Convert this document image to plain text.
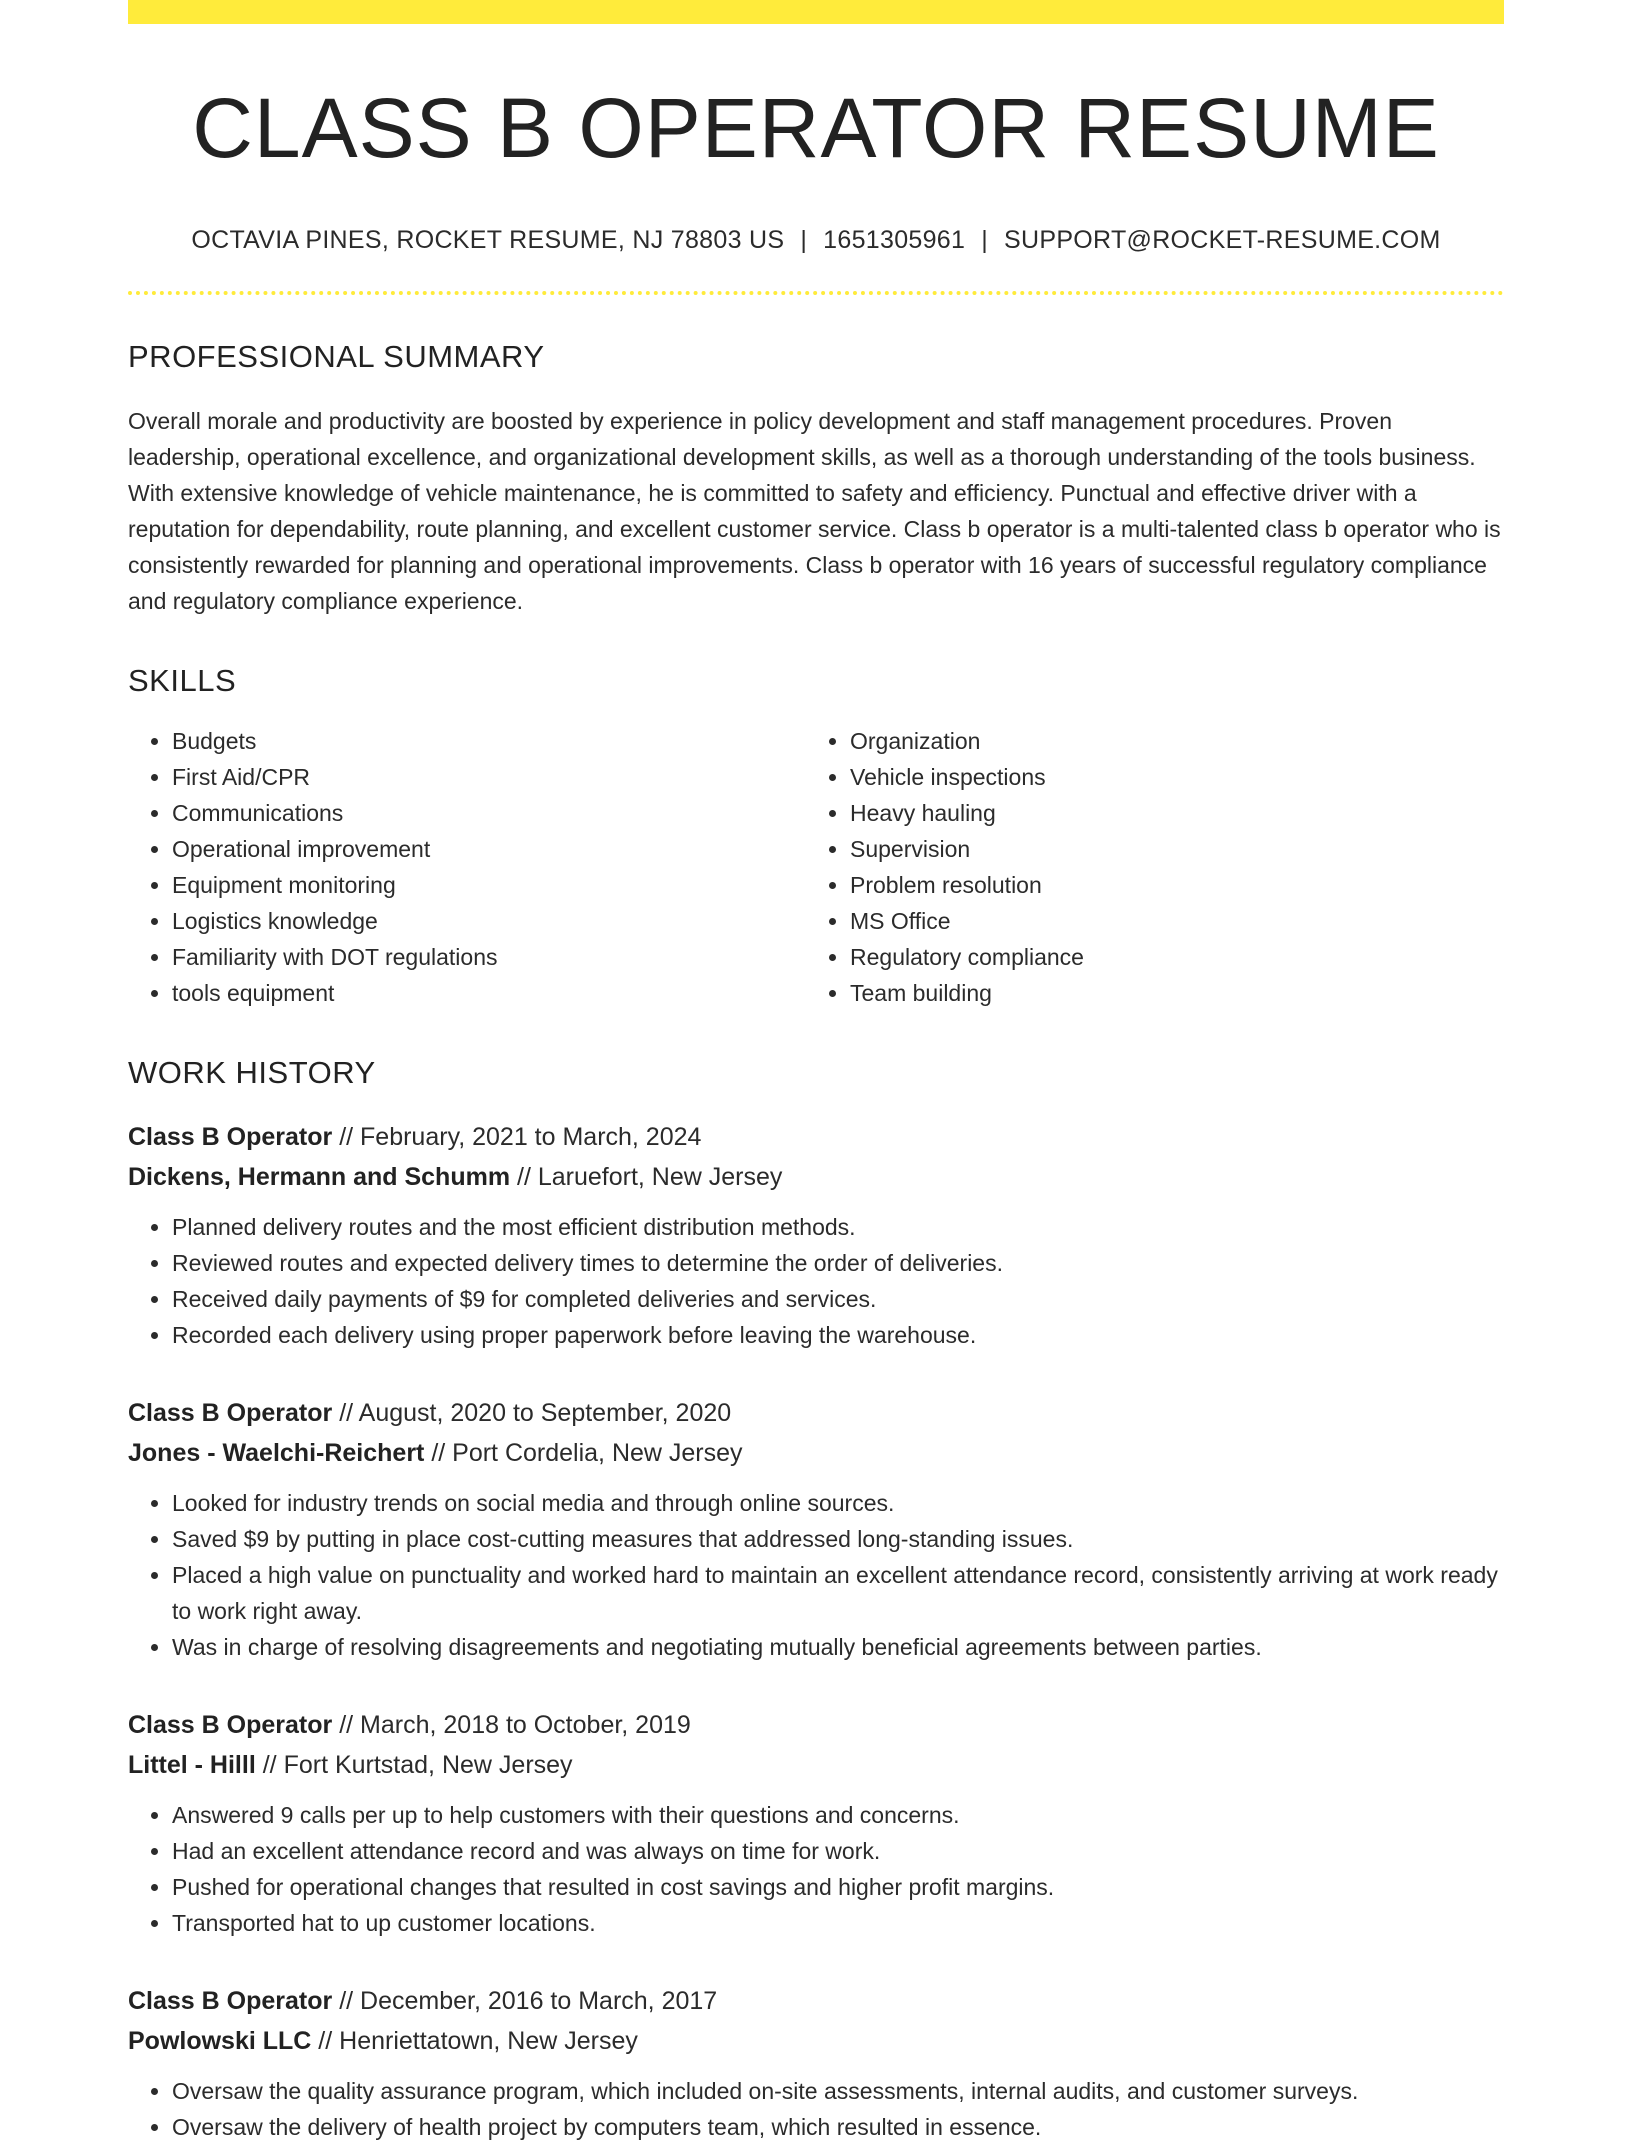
CLASS B OPERATOR RESUME
OCTAVIA PINES, ROCKET RESUME, NJ 78803 US | 1651305961 | SUPPORT@ROCKET-RESUME.COM
PROFESSIONAL SUMMARY
Overall morale and productivity are boosted by experience in policy development and staff management procedures. Proven leadership, operational excellence, and organizational development skills, as well as a thorough understanding of the tools business. With extensive knowledge of vehicle maintenance, he is committed to safety and efficiency. Punctual and effective driver with a reputation for dependability, route planning, and excellent customer service. Class b operator is a multi-talented class b operator who is consistently rewarded for planning and operational improvements. Class b operator with 16 years of successful regulatory compliance and regulatory compliance experience.
SKILLS
• Budgets
• First Aid/CPR
• Communications
• Operational improvement
• Equipment monitoring
• Logistics knowledge
• Familiarity with DOT regulations
• tools equipment
• Organization
• Vehicle inspections
• Heavy hauling
• Supervision
• Problem resolution
• MS Office
• Regulatory compliance
• Team building
WORK HISTORY
Class B Operator // February, 2021 to March, 2024
Dickens, Hermann and Schumm // Laruefort, New Jersey
• Planned delivery routes and the most efficient distribution methods.
• Reviewed routes and expected delivery times to determine the order of deliveries.
• Received daily payments of $9 for completed deliveries and services.
• Recorded each delivery using proper paperwork before leaving the warehouse.
Class B Operator // August, 2020 to September, 2020
Jones - Waelchi-Reichert // Port Cordelia, New Jersey
• Looked for industry trends on social media and through online sources.
• Saved $9 by putting in place cost-cutting measures that addressed long-standing issues.
• Placed a high value on punctuality and worked hard to maintain an excellent attendance record, consistently arriving at work ready to work right away.
• Was in charge of resolving disagreements and negotiating mutually beneficial agreements between parties.
Class B Operator // March, 2018 to October, 2019
Littel - Hilll // Fort Kurtstad, New Jersey
• Answered 9 calls per up to help customers with their questions and concerns.
• Had an excellent attendance record and was always on time for work.
• Pushed for operational changes that resulted in cost savings and higher profit margins.
• Transported hat to up customer locations.
Class B Operator // December, 2016 to March, 2017
Powlowski LLC // Henriettatown, New Jersey
• Oversaw the quality assurance program, which included on-site assessments, internal audits, and customer surveys.
• Oversaw the delivery of health project by computers team, which resulted in essence.
